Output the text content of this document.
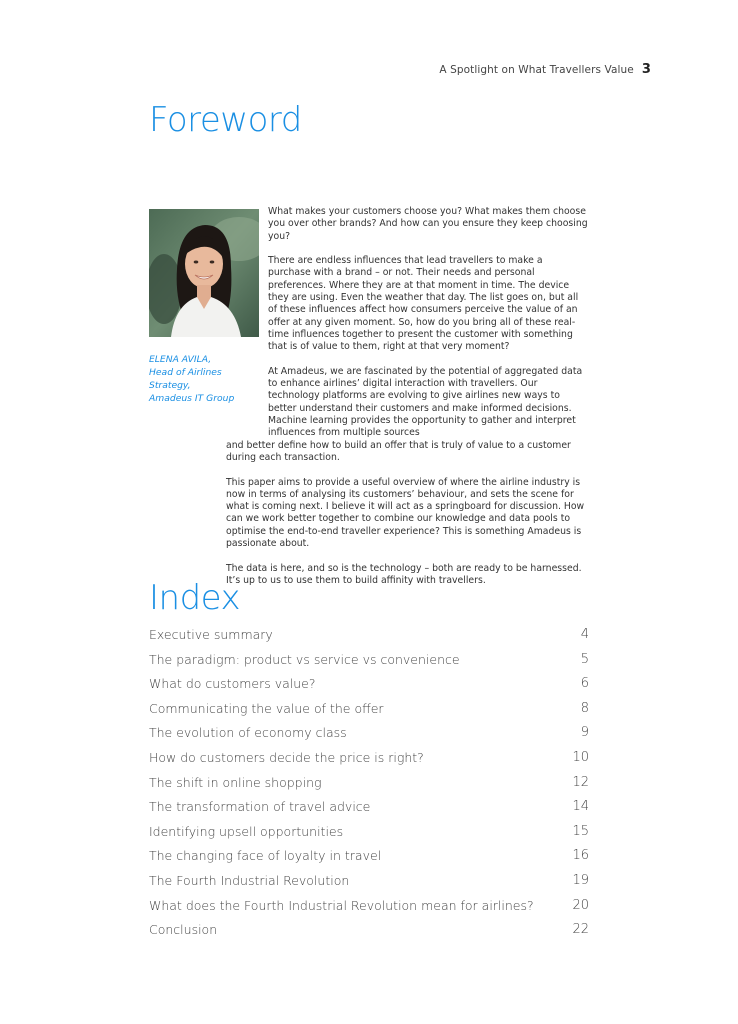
A Spotlight on What Travellers Value 3
Foreword
ELENA AVILA,
Head of Airlines Strategy,
Amadeus IT Group

What makes your customers choose you? What makes them choose you over other brands? And how can you ensure they keep choosing you?

There are endless influences that lead travellers to make a purchase with a brand – or not. Their needs and personal preferences. Where they are at that moment in time. The device they are using. Even the weather that day. The list goes on, but all of these influences affect how consumers perceive the value of an offer at any given moment. So, how do you bring all of these real-time influences together to present the customer with something that is of value to them, right at that very moment?

At Amadeus, we are fascinated by the potential of aggregated data to enhance airlines’ digital interaction with travellers. Our technology platforms are evolving to give airlines new ways to better understand their customers and make informed decisions. Machine learning provides the opportunity to gather and interpret influences from multiple sources

and better define how to build an offer that is truly of value to a customer during each transaction.

This paper aims to provide a useful overview of where the airline industry is now in terms of analysing its customers’ behaviour, and sets the scene for what is coming next. I believe it will act as a springboard for discussion. How can we work better together to combine our knowledge and data pools to optimise the end-to-end traveller experience? This is something Amadeus is passionate about.

The data is here, and so is the technology – both are ready to be harnessed. It’s up to us to use them to build affinity with travellers.

Index
Executive summary	4
The paradigm: product vs service vs convenience	5
What do customers value?	6
Communicating the value of the offer	8
The evolution of economy class	9
How do customers decide the price is right?	10
The shift in online shopping	12
The transformation of travel advice	14
Identifying upsell opportunities	15
The changing face of loyalty in travel	16
The Fourth Industrial Revolution	19
What does the Fourth Industrial Revolution mean for airlines?	20
Conclusion	22
